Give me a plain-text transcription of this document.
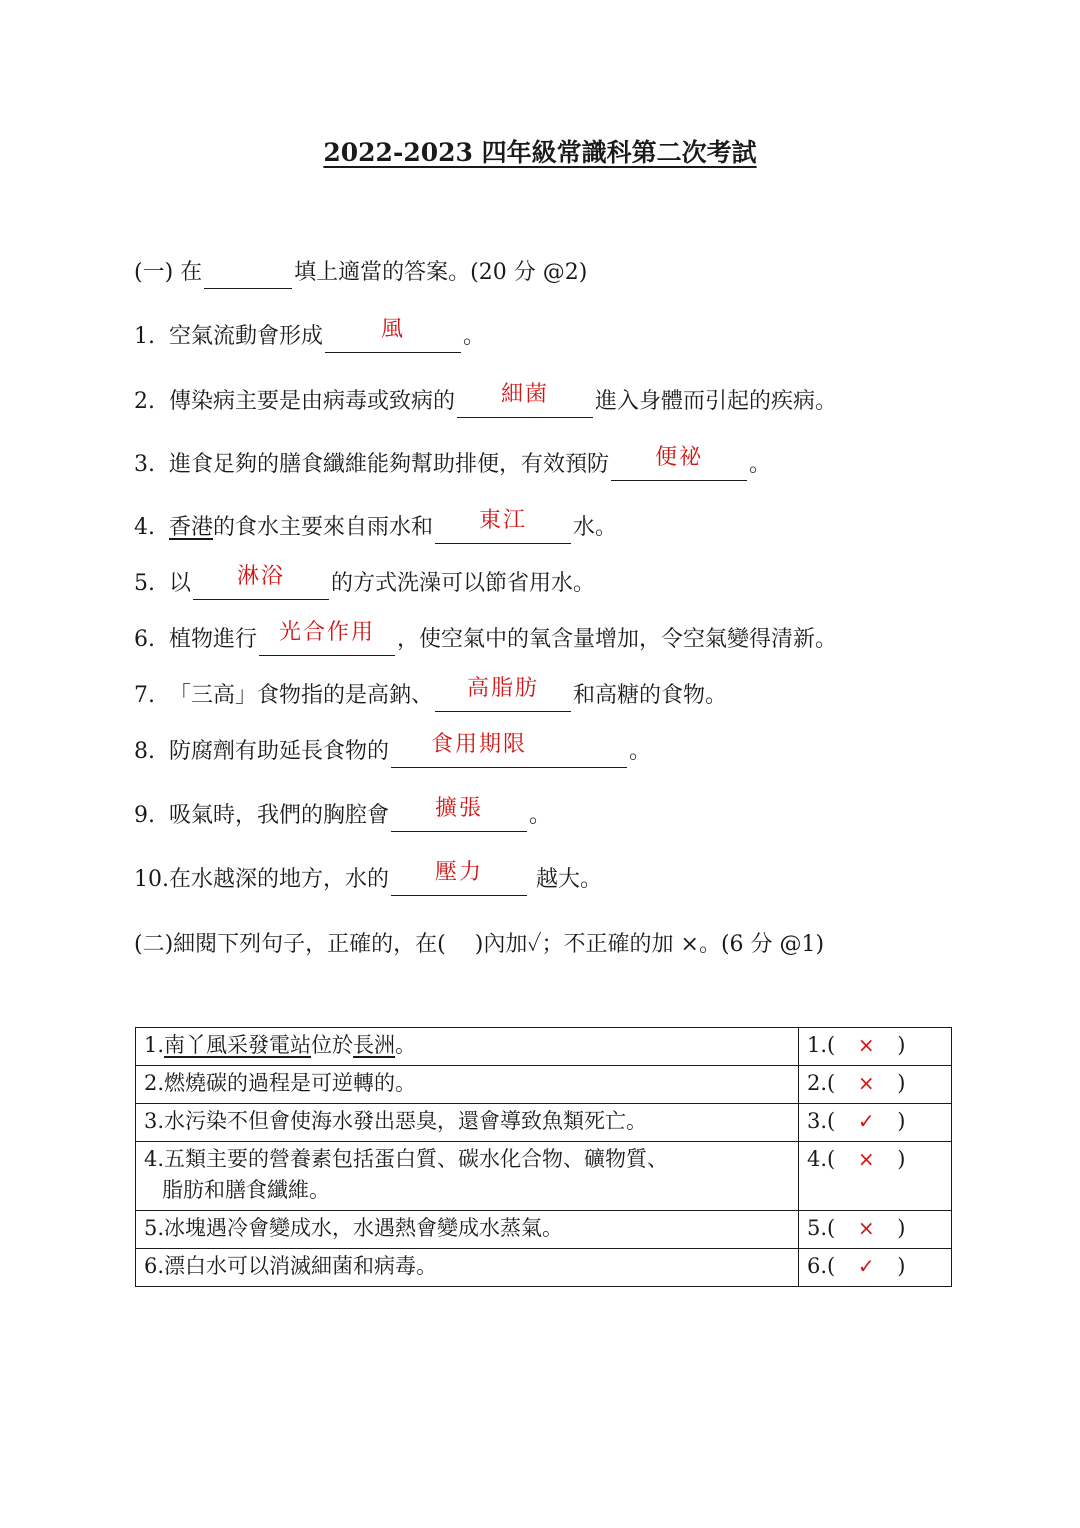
2022-2023 四年級常識科第二次考試
(一) 在	填上適當的答案。(20 分 @2)
1. 空氣流動會形成	風	。
2. 傳染病主要是由病毒或致病的	細菌	進入身體而引起的疾病。
3. 進食足夠的膳食纖維能夠幫助排便，有效預防	便祕	。
4. 香港的食水主要來自雨水和	東江	水。
5. 以	淋浴	的方式洗澡可以節省用水。
6. 植物進行 光合作用	，使空氣中的氧含量增加，令空氣變得清新。
7. 「三高」食物指的是高鈉、	高脂肪	和高糖的食物。
8. 防腐劑有助延長食物的	食用期限	。
9. 吸氣時，我們的胸腔會	擴張	。
10.在水越深的地方，水的	壓力	越大。
(二)細閱下列句子，正確的，在(　 )內加✓；不正確的加 ×。(6 分 @1)
1.南丫風采發電站位於長洲。	1.( × )
2.燃燒碳的過程是可逆轉的。	2.( × )
3.水污染不但會使海水發出惡臭，還會導致魚類死亡。	3.( ✓ )
4.五類主要的營養素包括蛋白質、碳水化合物、礦物質、
脂肪和膳食纖維。	4.( × )
5.冰塊遇冷會變成水，水遇熱會變成水蒸氣。	5.( × )
6.漂白水可以消滅細菌和病毒。	6.( ✓ )
